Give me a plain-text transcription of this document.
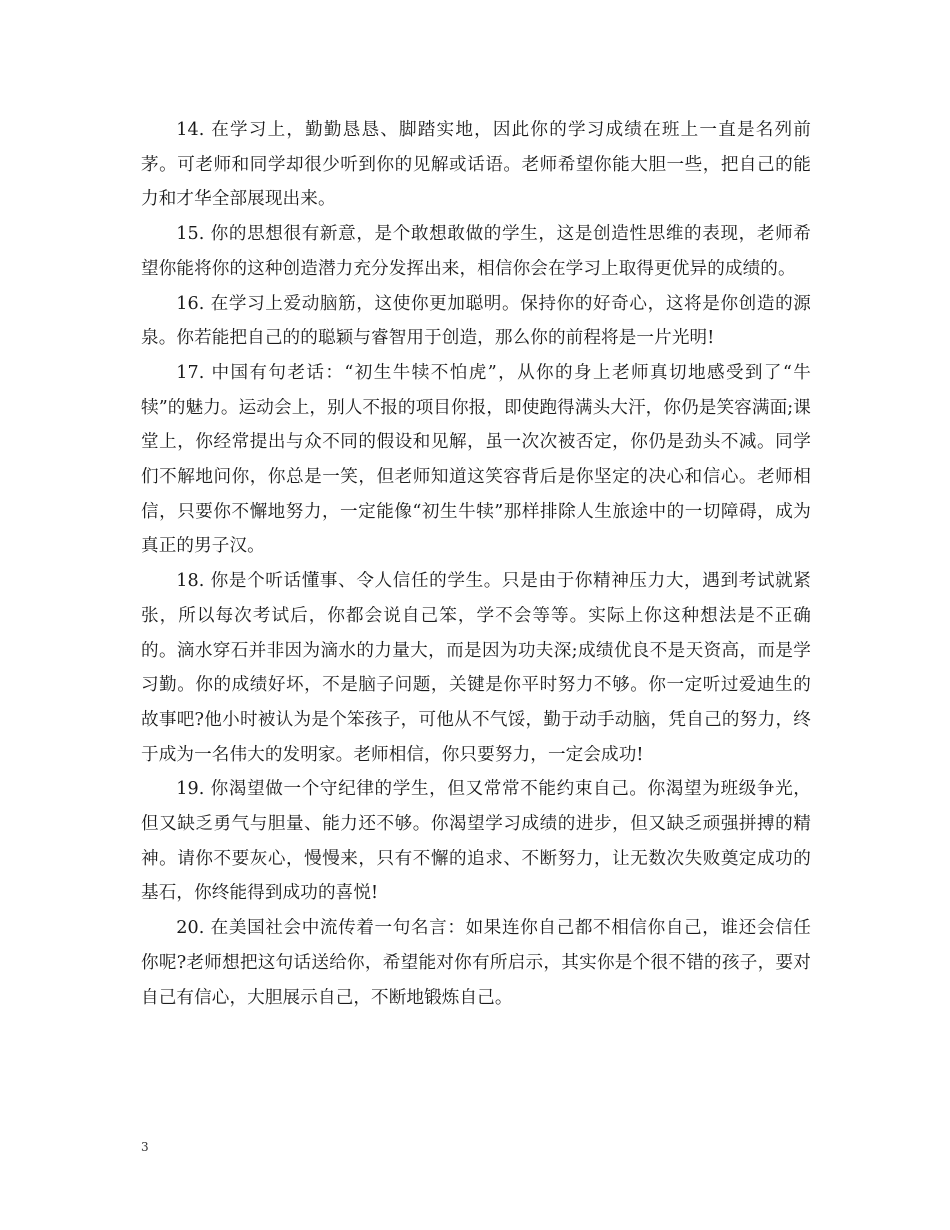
14. 在学习上，勤勤恳恳、脚踏实地，因此你的学习成绩在班上一直是名列前茅。可老师和同学却很少听到你的见解或话语。老师希望你能大胆一些，把自己的能力和才华全部展现出来。

15. 你的思想很有新意，是个敢想敢做的学生，这是创造性思维的表现，老师希望你能将你的这种创造潜力充分发挥出来，相信你会在学习上取得更优异的成绩的。

16. 在学习上爱动脑筋，这使你更加聪明。保持你的好奇心，这将是你创造的源泉。你若能把自己的的聪颖与睿智用于创造，那么你的前程将是一片光明!

17. 中国有句老话：“初生牛犊不怕虎”，从你的身上老师真切地感受到了“牛犊”的魅力。运动会上，别人不报的项目你报，即使跑得满头大汗，你仍是笑容满面;课堂上，你经常提出与众不同的假设和见解，虽一次次被否定，你仍是劲头不减。同学们不解地问你，你总是一笑，但老师知道这笑容背后是你坚定的决心和信心。老师相信，只要你不懈地努力，一定能像“初生牛犊”那样排除人生旅途中的一切障碍，成为真正的男子汉。

18. 你是个听话懂事、令人信任的学生。只是由于你精神压力大，遇到考试就紧张，所以每次考试后，你都会说自己笨，学不会等等。实际上你这种想法是不正确的。滴水穿石并非因为滴水的力量大，而是因为功夫深;成绩优良不是天资高，而是学习勤。你的成绩好坏，不是脑子问题，关键是你平时努力不够。你一定听过爱迪生的故事吧?他小时被认为是个笨孩子，可他从不气馁，勤于动手动脑，凭自己的努力，终于成为一名伟大的发明家。老师相信，你只要努力，一定会成功!

19. 你渴望做一个守纪律的学生，但又常常不能约束自己。你渴望为班级争光，但又缺乏勇气与胆量、能力还不够。你渴望学习成绩的进步，但又缺乏顽强拼搏的精神。请你不要灰心，慢慢来，只有不懈的追求、不断努力，让无数次失败奠定成功的基石，你终能得到成功的喜悦!

20. 在美国社会中流传着一句名言：如果连你自己都不相信你自己，谁还会信任你呢?老师想把这句话送给你，希望能对你有所启示，其实你是个很不错的孩子，要对自己有信心，大胆展示自己，不断地锻炼自己。

3
